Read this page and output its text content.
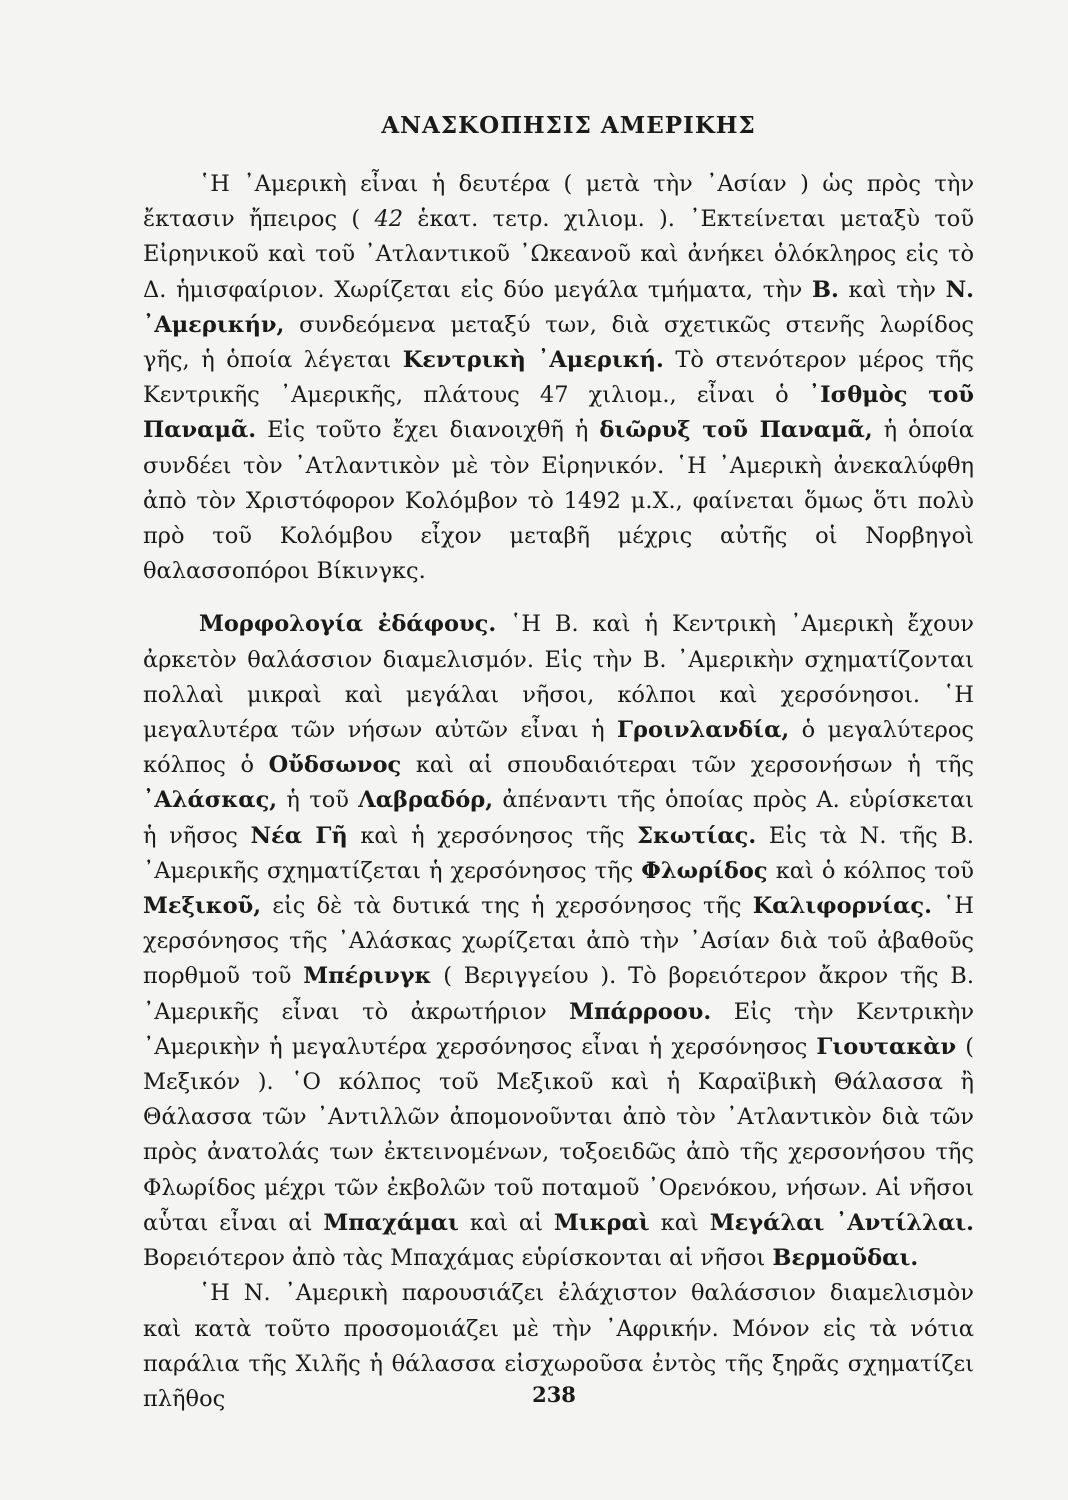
ΑΝΑΣΚΟΠΗΣΙΣ ΑΜΕΡΙΚΗΣ

῾Η ᾿Αμερικὴ εἶναι ἡ δευτέρα ( μετὰ τὴν ᾿Ασίαν ) ὡς πρὸς τὴν ἔκτασιν ἤπειρος ( 42 ἑκατ. τετρ. χιλιομ. ). ᾿Εκτείνεται μεταξὺ τοῦ Εἰρηνικοῦ καὶ τοῦ ᾿Ατλαντικοῦ ᾿Ωκεανοῦ καὶ ἀνήκει ὁλόκληρος εἰς τὸ Δ. ἡμισφαίριον. Χωρίζεται εἰς δύο μεγάλα τμήματα, τὴν Β. καὶ τὴν Ν. ᾿Αμερικήν, συνδεόμενα μεταξύ των, διὰ σχετικῶς στενῆς λωρίδος γῆς, ἡ ὁποία λέγεται Κεντρικὴ ᾿Αμερική. Τὸ στενότερον μέρος τῆς Κεντρικῆς ᾿Αμερικῆς, πλάτους 47 χιλιομ., εἶναι ὁ ᾿Ισθμὸς τοῦ Παναμᾶ. Εἰς τοῦτο ἔχει διανοιχθῆ ἡ διῶρυξ τοῦ Παναμᾶ, ἡ ὁποία συνδέει τὸν ᾿Ατλαντικὸν μὲ τὸν Εἰρηνικόν. ῾Η ᾿Αμερικὴ ἀνεκαλύφθη ἀπὸ τὸν Χριστόφορον Κολόμβον τὸ 1492 μ.Χ., φαίνεται ὅμως ὅτι πολὺ πρὸ τοῦ Κολόμβου εἶχον μεταβῆ μέχρις αὐτῆς οἱ Νορβηγοὶ θαλασσοπόροι Βίκινγκς.

Μορφολογία ἐδάφους. ῾Η Β. καὶ ἡ Κεντρικὴ ᾿Αμερικὴ ἔχουν ἀρκετὸν θαλάσσιον διαμελισμόν. Εἰς τὴν Β. ᾿Αμερικὴν σχηματίζονται πολλαὶ μικραὶ καὶ μεγάλαι νῆσοι, κόλποι καὶ χερσόνησοι. ῾Η μεγαλυτέρα τῶν νήσων αὐτῶν εἶναι ἡ Γροινλανδία, ὁ μεγαλύτερος κόλπος ὁ Οὔδσωνος καὶ αἱ σπουδαιότεραι τῶν χερσονήσων ἡ τῆς ᾿Αλάσκας, ἡ τοῦ Λαβραδόρ, ἀπέναντι τῆς ὁποίας πρὸς Α. εὑρίσκεται ἡ νῆσος Νέα Γῆ καὶ ἡ χερσόνησος τῆς Σκωτίας. Εἰς τὰ Ν. τῆς Β. ᾿Αμερικῆς σχηματίζεται ἡ χερσόνησος τῆς Φλωρίδος καὶ ὁ κόλπος τοῦ Μεξικοῦ, εἰς δὲ τὰ δυτικά της ἡ χερσόνησος τῆς Καλιφορνίας. ῾Η χερσόνησος τῆς ᾿Αλάσκας χωρίζεται ἀπὸ τὴν ᾿Ασίαν διὰ τοῦ ἀβαθοῦς πορθμοῦ τοῦ Μπέρινγκ ( Βεριγγείου ). Τὸ βορειότερον ἄκρον τῆς Β. ᾿Αμερικῆς εἶναι τὸ ἀκρωτήριον Μπάρροου. Εἰς τὴν Κεντρικὴν ᾿Αμερικὴν ἡ μεγαλυτέρα χερσόνησος εἶναι ἡ χερσόνησος Γιουτακὰν ( Μεξικόν ). ῾Ο κόλπος τοῦ Μεξικοῦ καὶ ἡ Καραϊβικὴ Θάλασσα ἢ Θάλασσα τῶν ᾿Αντιλλῶν ἀπομονοῦνται ἀπὸ τὸν ᾿Ατλαντικὸν διὰ τῶν πρὸς ἀνατολάς των ἐκτεινομένων, τοξοειδῶς ἀπὸ τῆς χερσονήσου τῆς Φλωρίδος μέχρι τῶν ἐκβολῶν τοῦ ποταμοῦ ᾿Ορενόκου, νήσων. Αἱ νῆσοι αὗται εἶναι αἱ Μπαχάμαι καὶ αἱ Μικραὶ καὶ Μεγάλαι ᾿Αντίλλαι. Βορειότερον ἀπὸ τὰς Μπαχάμας εὑρίσκονται αἱ νῆσοι Βερμοῦδαι.

῾Η Ν. ᾿Αμερικὴ παρουσιάζει ἐλάχιστον θαλάσσιον διαμελισμὸν καὶ κατὰ τοῦτο προσομοιάζει μὲ τὴν ᾿Αφρικήν. Μόνον εἰς τὰ νότια παράλια τῆς Χιλῆς ἡ θάλασσα εἰσχωροῦσα ἐντὸς τῆς ξηρᾶς σχηματίζει πλῆθος	238
